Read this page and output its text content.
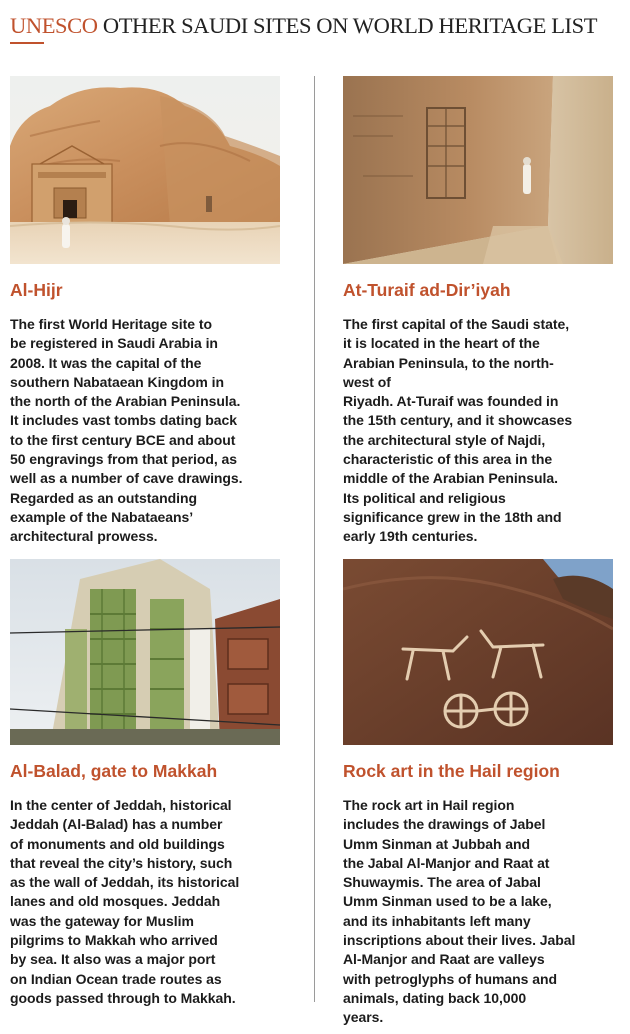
UNESCO OTHER SAUDI SITES ON WORLD HERITAGE LIST
Al-Hijr
The first World Heritage site to
be registered in Saudi Arabia in
2008. It was the capital of the
southern Nabataean Kingdom in
the north of the Arabian Peninsula.
It includes vast tombs dating back
to the first century BCE and about
50 engravings from that period, as
well as a number of cave drawings.
Regarded as an outstanding
example of the Nabataeans’
architectural prowess.
At-Turaif ad-Dir’iyah
The first capital of the Saudi state,
it is located in the heart of the
Arabian Peninsula, to the north-
west of
Riyadh. At-Turaif was founded in
the 15th century, and it showcases
the architectural style of Najdi,
characteristic of this area in the
middle of the Arabian Peninsula.
Its political and religious
significance grew in the 18th and
early 19th centuries.
Al-Balad, gate to Makkah
In the center of Jeddah, historical
Jeddah (Al-Balad) has a number
of monuments and old buildings
that reveal the city’s history, such
as the wall of Jeddah, its historical
lanes and old mosques. Jeddah
was the gateway for Muslim
pilgrims to Makkah who arrived
by sea. It also was a major port
on Indian Ocean trade routes as
goods passed through to Makkah.
Rock art in the Hail region
The rock art in Hail region
includes the drawings of Jabel
Umm Sinman at Jubbah and
the Jabal Al-Manjor and Raat at
Shuwaymis. The area of Jabal
Umm Sinman used to be a lake,
and its inhabitants left many
inscriptions about their lives. Jabal
Al-Manjor and Raat are valleys
with petroglyphs of humans and
animals, dating back 10,000
years.
